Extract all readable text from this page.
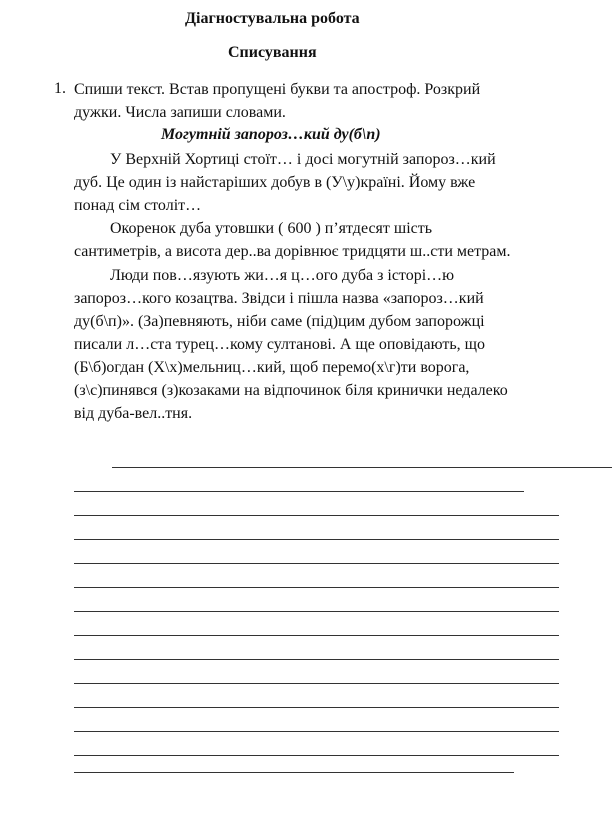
Діагностувальна робота
Списування
1. Спиши текст. Встав пропущені букви та апостроф. Розкрий
дужки. Числа запиши словами.
Могутній запороз…кий ду(б\п)
У Верхній Хортиці стоїт… і досі могутній запороз…кий
дуб. Це один із найстаріших добув в (У\у)країні. Йому вже
понад сім століт…
Окоренок дуба утовшки ( 600 ) п’ятдесят шість
сантиметрів, а висота дер..ва дорівнює тридцяти ш..сти метрам.
Люди пов…язують жи…я ц…ого дуба з історі…ю
запороз…кого козацтва. Звідси і пішла назва «запороз…кий
ду(б\п)». (За)певняють, ніби саме (під)цим дубом запорожці
писали л…ста турец…кому султанові. А ще оповідають, що
(Б\б)огдан (Х\х)мельниц…кий, щоб перемо(х\г)ти ворога,
(з\с)пинявся (з)козаками на відпочинок біля кринички недалеко
від дуба-вел..тня.
